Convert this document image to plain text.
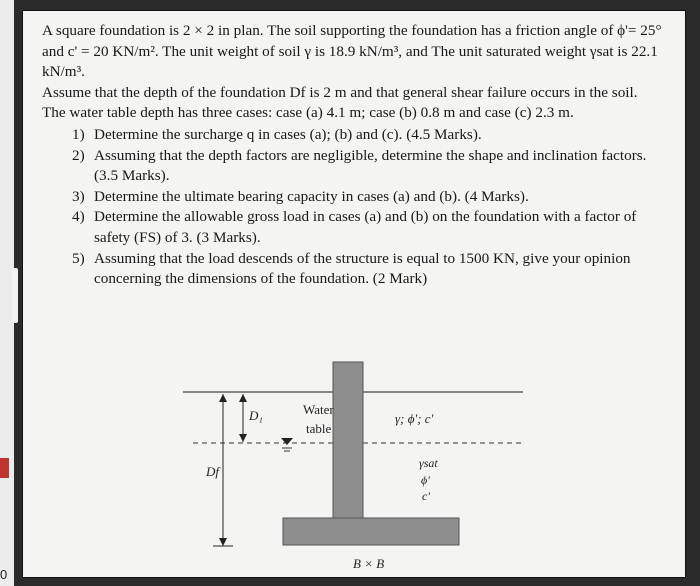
0

A square foundation is 2 × 2 in plan. The soil supporting the foundation has a friction angle of ϕ'= 25° and c' = 20 KN/m². The unit weight of soil γ is 18.9 kN/m³, and The unit saturated weight γsat is 22.1 kN/m³.

Assume that the depth of the foundation Df is 2 m and that general shear failure occurs in the soil.

The water table depth has three cases: case (a) 4.1 m; case (b) 0.8 m and case (c) 2.3 m.

1) Determine the surcharge q in cases (a); (b) and (c). (4.5 Marks).
2) Assuming that the depth factors are negligible, determine the shape and inclination factors. (3.5 Marks).
3) Determine the ultimate bearing capacity in cases (a) and (b). (4 Marks).
4) Determine the allowable gross load in cases (a) and (b) on the foundation with a factor of safety (FS) of 3. (3 Marks).
5) Assuming that the load descends of the structure is equal to 1500 KN, give your opinion concerning the dimensions of the foundation. (2 Mark)
D₁
Df
Water
table
γ; ϕ'; c'
γsat
ϕ'
c'
B × B
